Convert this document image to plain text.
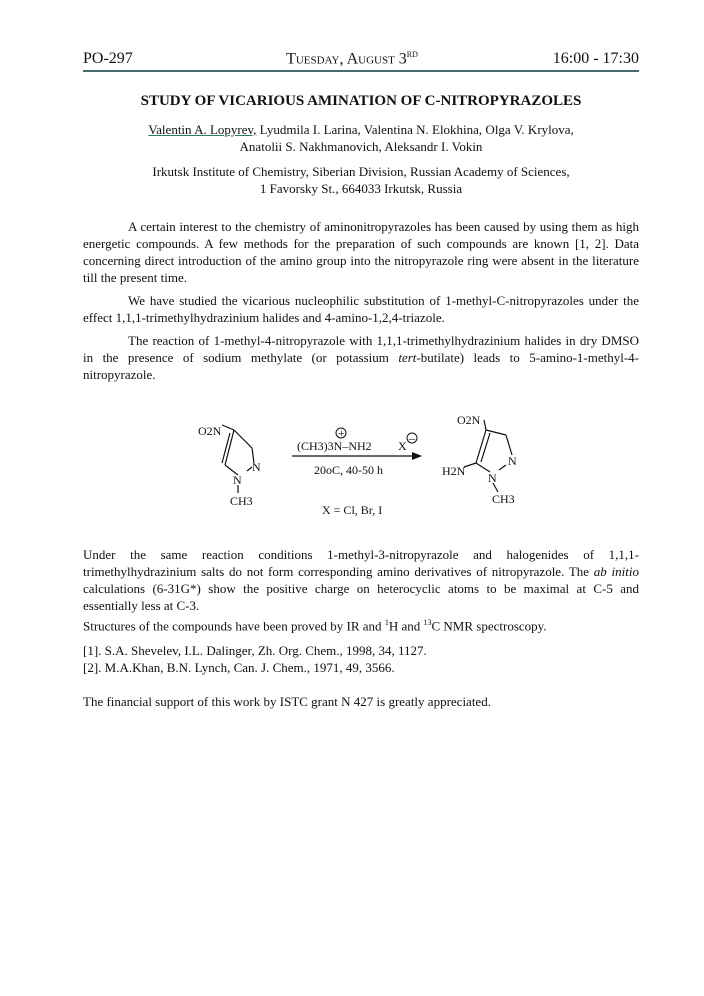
PO-297	Tuesday, August 3RD	16:00 - 17:30
STUDY OF VICARIOUS AMINATION OF C-NITROPYRAZOLES
Valentin A. Lopyrev, Lyudmila I. Larina, Valentina N. Elokhina, Olga V. Krylova,
Anatolii S. Nakhmanovich, Aleksandr I. Vokin
Irkutsk Institute of Chemistry, Siberian Division, Russian Academy of Sciences,
1 Favorsky St., 664033 Irkutsk, Russia

A certain interest to the chemistry of aminonitropyrazoles has been caused by using them as high energetic compounds. A few methods for the preparation of such compounds are known [1, 2]. Data concerning direct introduction of the amino group into the nitropyrazole ring were absent in the literature till the present time.

We have studied the vicarious nucleophilic substitution of 1-methyl-C-nitropyrazoles under the effect 1,1,1-trimethylhydrazinium halides and 4-amino-1,2,4-triazole.

The reaction of 1-methyl-4-nitropyrazole with 1,1,1-trimethylhydrazinium halides in dry DMSO in the presence of sodium methylate (or potassium tert-butilate) leads to 5-amino-1-methyl-4-nitropyrazole.

O2N
N
N
CH3
(CH3)3N–NH2
+
X
–
20oC, 40-50 h
X = Cl, Br, I
O2N
N
N
H2N
CH3
Under the same reaction conditions 1-methyl-3-nitropyrazole and halogenides of 1,1,1-trimethylhydrazinium salts do not form corresponding amino derivatives of nitropyrazole. The ab initio calculations (6-31G*) show the positive charge on heterocyclic atoms to be maximal at C-5 and essentially less at C-3.
Structures of the compounds have been proved by IR and $^1$H and $^{13}$C NMR spectroscopy.
[1]. S.A. Shevelev, I.L. Dalinger, Zh. Org. Chem., 1998, 34, 1127.
[2]. M.A.Khan, B.N. Lynch, Can. J. Chem., 1971, 49, 3566.
The financial support of this work by ISTC grant N 427 is greatly appreciated.
